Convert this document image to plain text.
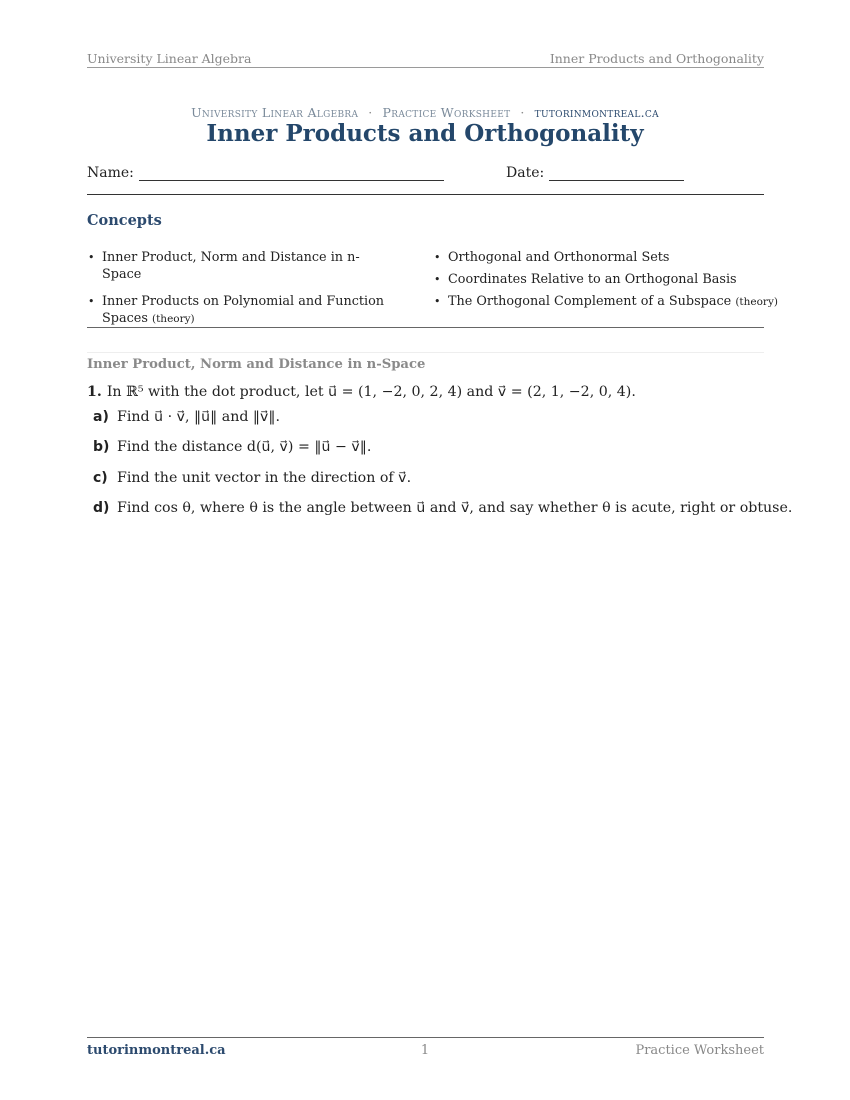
University Linear Algebra	Inner Products and Orthogonality
University Linear Algebra · Practice Worksheet · tutorinmontreal.ca
Inner Products and Orthogonality
Name:	Date:
Concepts
• Inner Product, Norm and Distance in n-Space
• Inner Products on Polynomial and Function Spaces (theory)
• Orthogonal and Orthonormal Sets
• Coordinates Relative to an Orthogonal Basis
• The Orthogonal Complement of a Subspace (theory)
Inner Product, Norm and Distance in n-Space
1. In ℝ⁵ with the dot product, let u⃗ = (1, −2, 0, 2, 4) and v⃗ = (2, 1, −2, 0, 4).
a) Find u⃗ · v⃗, ‖u⃗‖ and ‖v⃗‖.
b) Find the distance d(u⃗, v⃗) = ‖u⃗ − v⃗‖.
c) Find the unit vector in the direction of v⃗.
d) Find cos θ, where θ is the angle between u⃗ and v⃗, and say whether θ is acute, right or obtuse.
tutorinmontreal.ca	1	Practice Worksheet
